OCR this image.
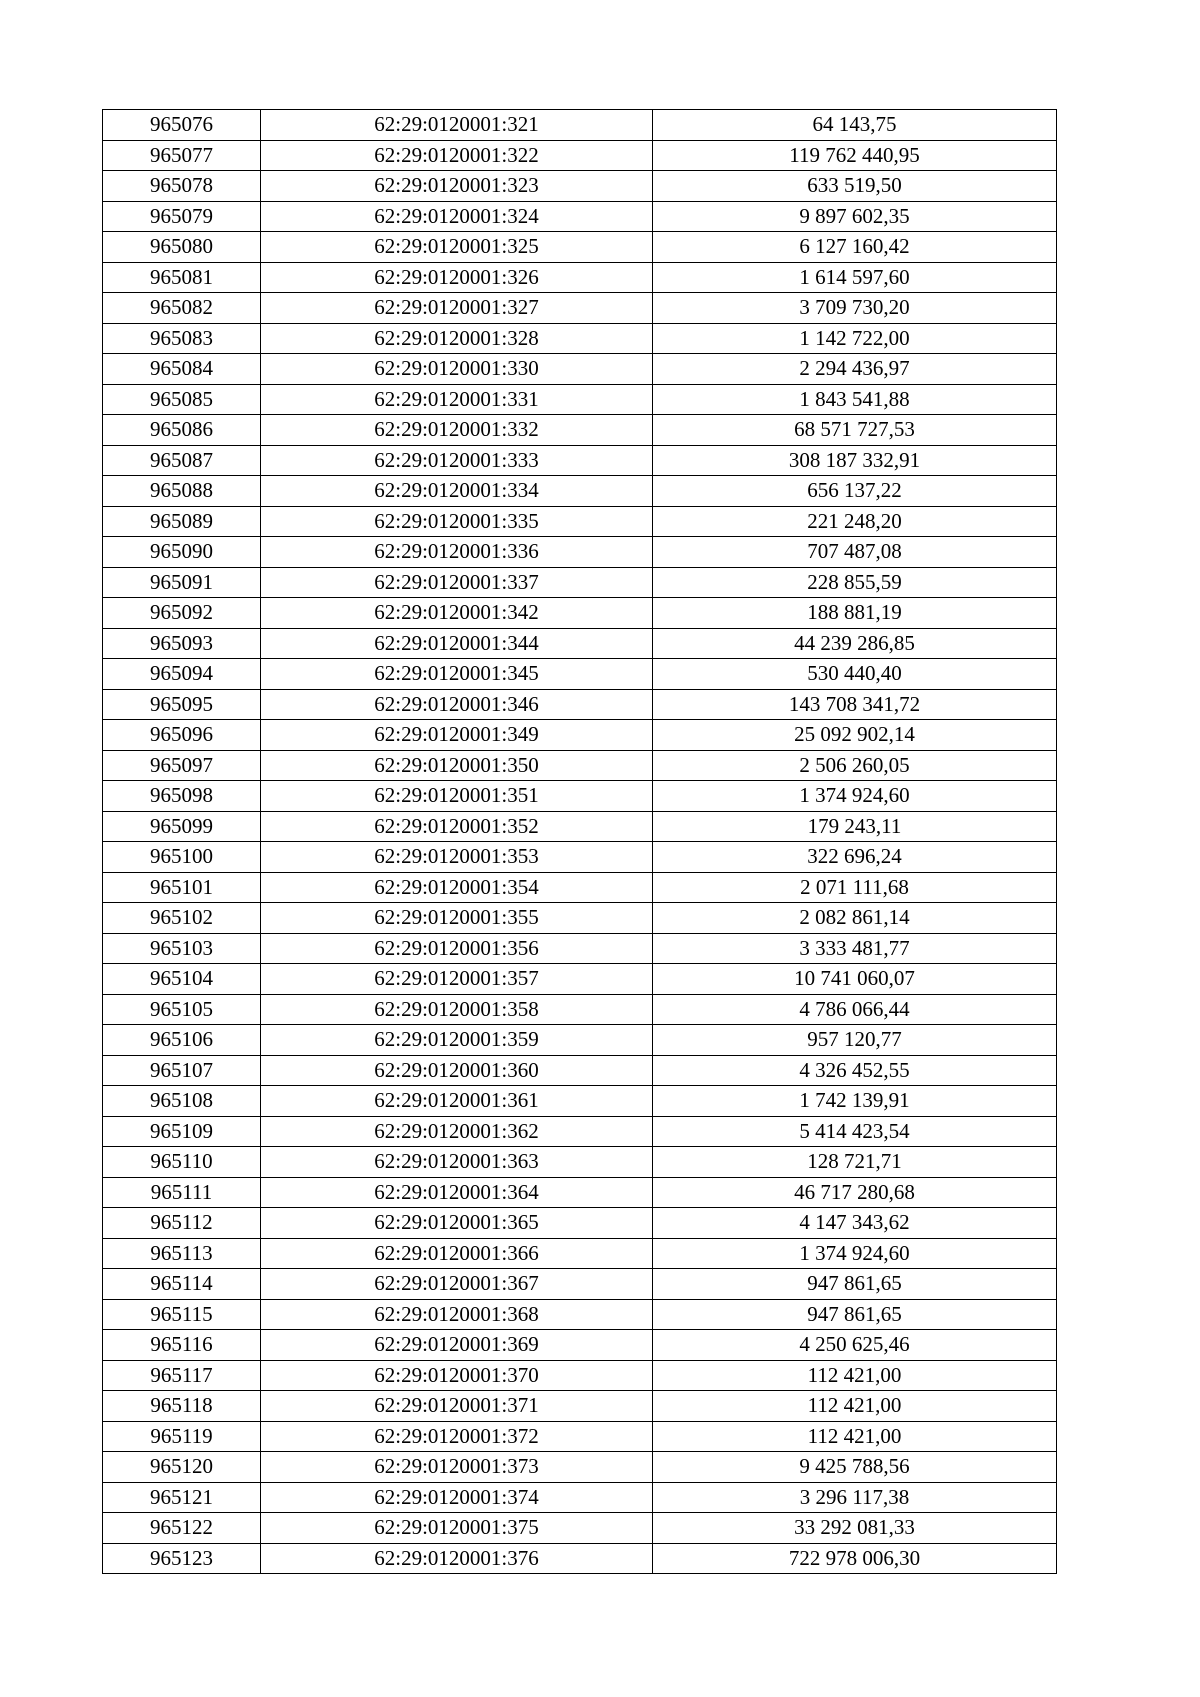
965076	62:29:0120001:321	64 143,75
965077	62:29:0120001:322	119 762 440,95
965078	62:29:0120001:323	633 519,50
965079	62:29:0120001:324	9 897 602,35
965080	62:29:0120001:325	6 127 160,42
965081	62:29:0120001:326	1 614 597,60
965082	62:29:0120001:327	3 709 730,20
965083	62:29:0120001:328	1 142 722,00
965084	62:29:0120001:330	2 294 436,97
965085	62:29:0120001:331	1 843 541,88
965086	62:29:0120001:332	68 571 727,53
965087	62:29:0120001:333	308 187 332,91
965088	62:29:0120001:334	656 137,22
965089	62:29:0120001:335	221 248,20
965090	62:29:0120001:336	707 487,08
965091	62:29:0120001:337	228 855,59
965092	62:29:0120001:342	188 881,19
965093	62:29:0120001:344	44 239 286,85
965094	62:29:0120001:345	530 440,40
965095	62:29:0120001:346	143 708 341,72
965096	62:29:0120001:349	25 092 902,14
965097	62:29:0120001:350	2 506 260,05
965098	62:29:0120001:351	1 374 924,60
965099	62:29:0120001:352	179 243,11
965100	62:29:0120001:353	322 696,24
965101	62:29:0120001:354	2 071 111,68
965102	62:29:0120001:355	2 082 861,14
965103	62:29:0120001:356	3 333 481,77
965104	62:29:0120001:357	10 741 060,07
965105	62:29:0120001:358	4 786 066,44
965106	62:29:0120001:359	957 120,77
965107	62:29:0120001:360	4 326 452,55
965108	62:29:0120001:361	1 742 139,91
965109	62:29:0120001:362	5 414 423,54
965110	62:29:0120001:363	128 721,71
965111	62:29:0120001:364	46 717 280,68
965112	62:29:0120001:365	4 147 343,62
965113	62:29:0120001:366	1 374 924,60
965114	62:29:0120001:367	947 861,65
965115	62:29:0120001:368	947 861,65
965116	62:29:0120001:369	4 250 625,46
965117	62:29:0120001:370	112 421,00
965118	62:29:0120001:371	112 421,00
965119	62:29:0120001:372	112 421,00
965120	62:29:0120001:373	9 425 788,56
965121	62:29:0120001:374	3 296 117,38
965122	62:29:0120001:375	33 292 081,33
965123	62:29:0120001:376	722 978 006,30
